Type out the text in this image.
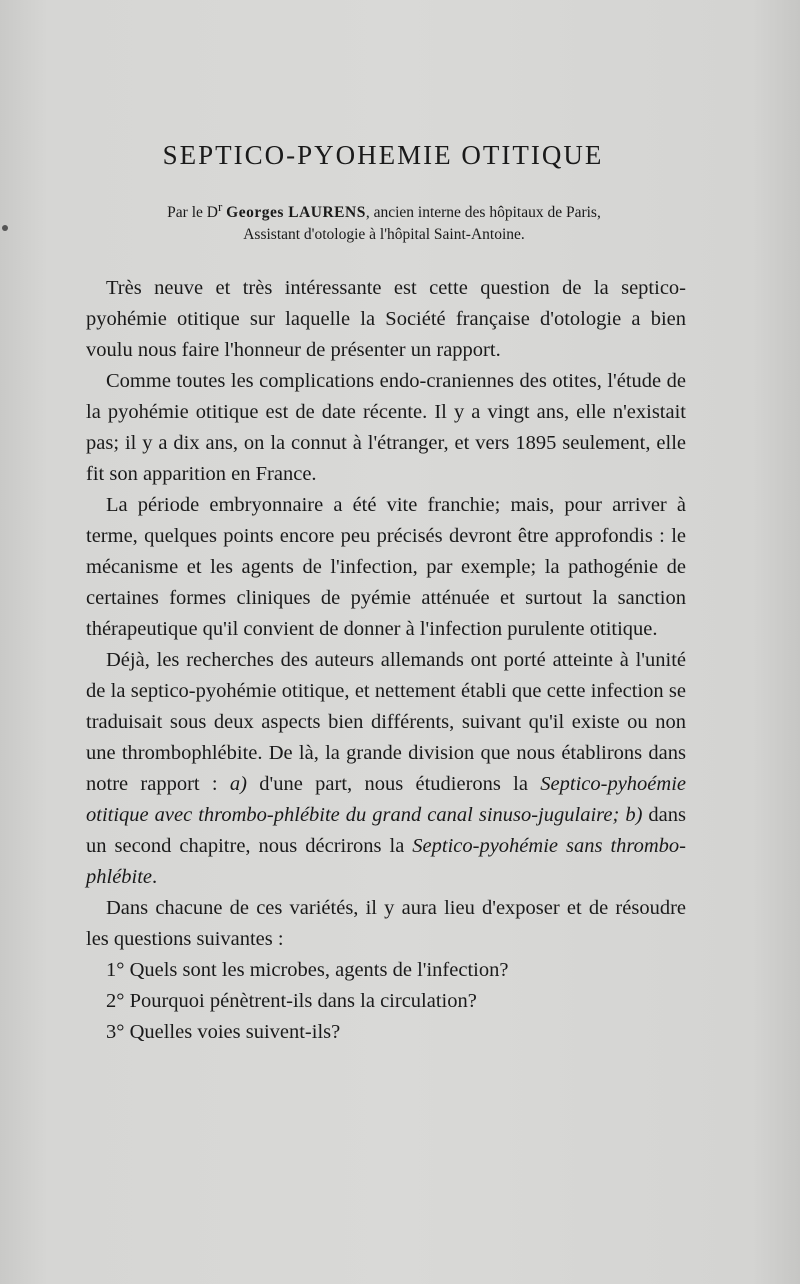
SEPTICO-PYOHEMIE OTITIQUE
Par le $D^r$ Georges LAURENS, ancien interne des hôpitaux de Paris,
Assistant d'otologie à l'hôpital Saint-Antoine.

Très neuve et très intéressante est cette question de la septico-pyohémie otitique sur laquelle la Société française d'otologie a bien voulu nous faire l'honneur de présenter un rapport.

Comme toutes les complications endo-craniennes des otites, l'étude de la pyohémie otitique est de date récente. Il y a vingt ans, elle n'existait pas; il y a dix ans, on la connut à l'étranger, et vers 1895 seulement, elle fit son apparition en France.

La période embryonnaire a été vite franchie; mais, pour arriver à terme, quelques points encore peu précisés devront être approfondis : le mécanisme et les agents de l'infection, par exemple; la pathogénie de certaines formes cliniques de pyémie atténuée et surtout la sanction thérapeutique qu'il convient de donner à l'infection purulente otitique.

Déjà, les recherches des auteurs allemands ont porté atteinte à l'unité de la septico-pyohémie otitique, et nettement établi que cette infection se traduisait sous deux aspects bien différents, suivant qu'il existe ou non une thrombophlébite. De là, la grande division que nous établirons dans notre rapport : a) d'une part, nous étudierons la Septico-pyhoémie otitique avec thrombo-phlébite du grand canal sinuso-jugulaire; b) dans un second chapitre, nous décrirons la Septico-pyohémie sans thrombo-phlébite.

Dans chacune de ces variétés, il y aura lieu d'exposer et de résoudre les questions suivantes :

1° Quels sont les microbes, agents de l'infection?
2° Pourquoi pénètrent-ils dans la circulation?
3° Quelles voies suivent-ils?
